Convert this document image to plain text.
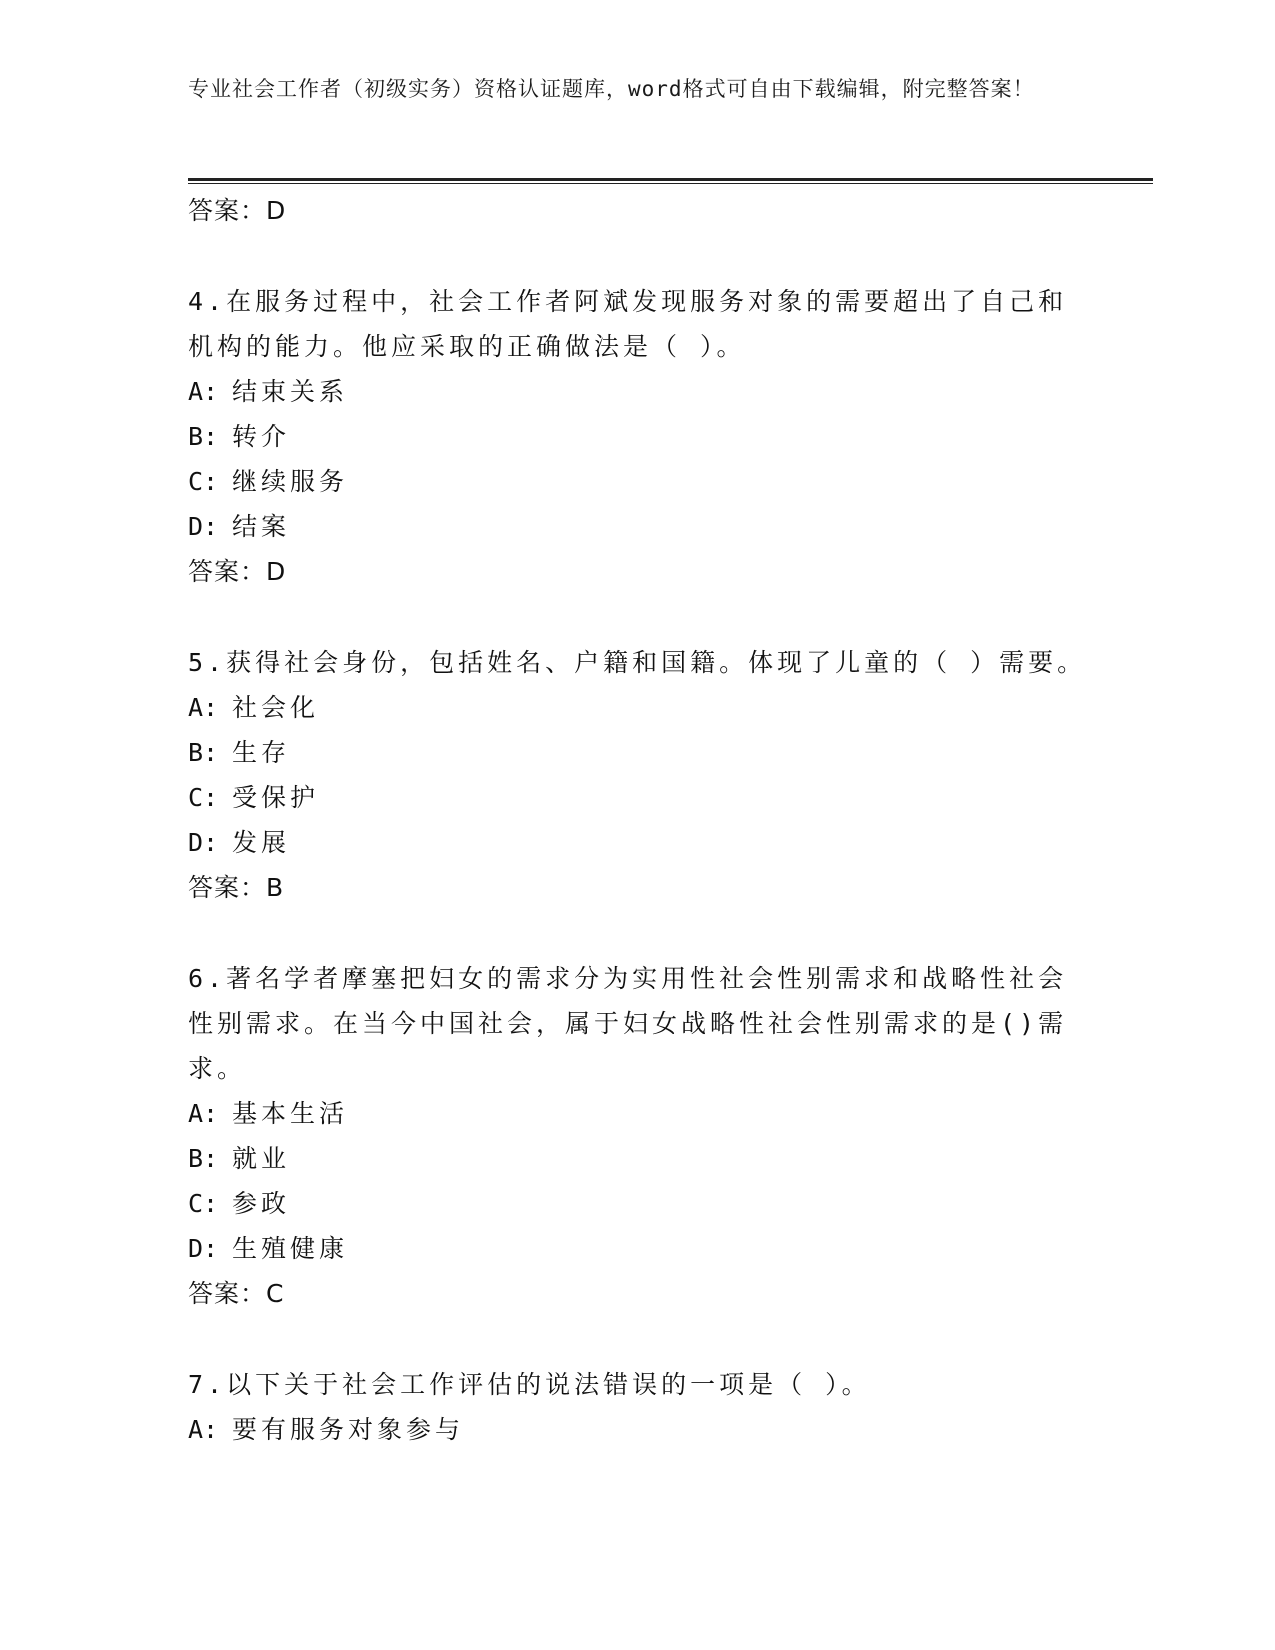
专业社会工作者（初级实务）资格认证题库，word格式可自由下载编辑，附完整答案！
答案：D
4.在服务过程中，社会工作者阿斌发现服务对象的需要超出了自己和机构的能力。他应采取的正确做法是（ ）。
A: 结束关系
B: 转介
C: 继续服务
D: 结案
答案：D
5.获得社会身份，包括姓名、户籍和国籍。体现了儿童的（ ）需要。
A: 社会化
B: 生存
C: 受保护
D: 发展
答案：B
6.著名学者摩塞把妇女的需求分为实用性社会性别需求和战略性社会性别需求。在当今中国社会，属于妇女战略性社会性别需求的是()需求。
A: 基本生活
B: 就业
C: 参政
D: 生殖健康
答案：C
7.以下关于社会工作评估的说法错误的一项是（ ）。
A: 要有服务对象参与
